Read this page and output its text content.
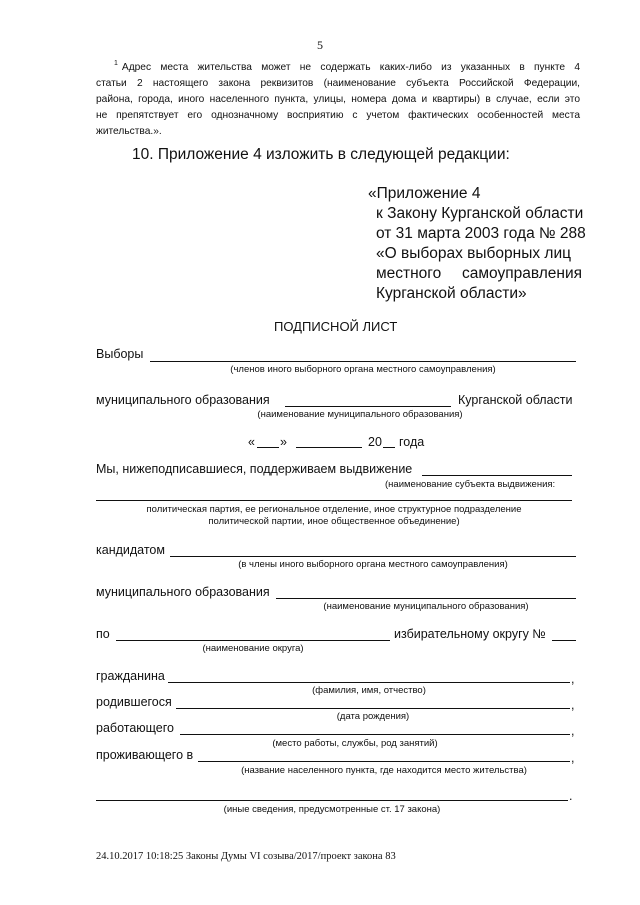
5
$^1$ Адрес места жительства может не содержать каких-либо из указанных в пункте 4
статьи 2 настоящего закона реквизитов (наименование субъекта Российской Федерации,
района, города, иного населенного пункта, улицы, номера дома и квартиры) в случае, если это
не препятствует его однозначному восприятию с учетом фактических особенностей места
жительства.».
10. Приложение 4 изложить в следующей редакции:
«Приложение 4
к Закону Курганской области
от 31 марта 2003 года № 288
«О выборах выборных лиц
местного самоуправления
Курганской области»
ПОДПИСНОЙ ЛИСТ
Выборы
(членов иного выборного органа местного самоуправления)
муниципального образования	Курганской области
(наименование муниципального образования)
« »	20 года
Мы, нижеподписавшиеся, поддерживаем выдвижение
(наименование субъекта выдвижения:
политическая партия, ее региональное отделение, иное структурное подразделение
политической партии, иное общественное объединение)
кандидатом
(в члены иного выборного органа местного самоуправления)
муниципального образования
(наименование муниципального образования)
по	избирательному округу №
(наименование округа)
гражданина	,
(фамилия, имя, отчество)
родившегося	,
(дата рождения)
работающего	,
(место работы, службы, род занятий)
проживающего в	,
(название населенного пункта, где находится место жительства)
.
(иные сведения, предусмотренные ст. 17 закона)
24.10.2017 10:18:25 Законы Думы VI созыва/2017/проект закона 83
